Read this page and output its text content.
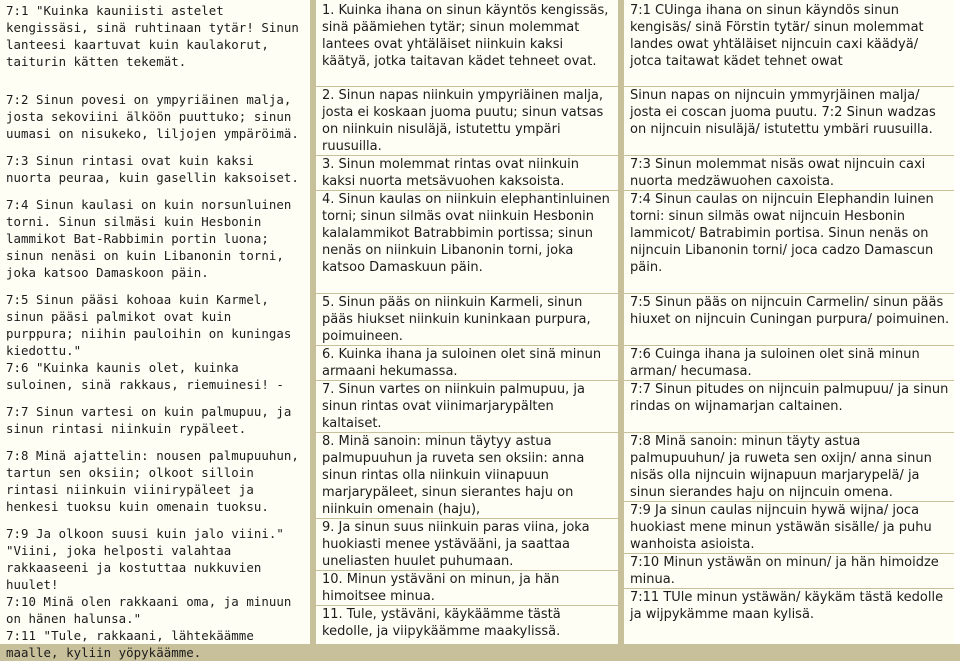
7:1 "Kuinka kauniisti astelet kengissäsi, sinä ruhtinaan tytär! Sinun lanteesi kaartuvat kuin kaulakorut, taiturin kätten tekemät.

7:2 Sinun povesi on ympyriäinen malja, josta sekoviini älköön puuttuko; sinun uumasi on nisukeko, liljojen ympäröimä.

7:3 Sinun rintasi ovat kuin kaksi nuorta peuraa, kuin gasellin kaksoiset.

7:4 Sinun kaulasi on kuin norsunluinen torni. Sinun silmäsi kuin Hesbonin lammikot Bat-Rabbimin portin luona; sinun nenäsi on kuin Libanonin torni, joka katsoo Damaskoon päin.

7:5 Sinun pääsi kohoaa kuin Karmel, sinun pääsi palmikot ovat kuin purppura; niihin pauloihin on kuningas kiedottu."

7:6 "Kuinka kaunis olet, kuinka suloinen, sinä rakkaus, riemuinesi! -

7:7 Sinun vartesi on kuin palmupuu, ja sinun rintasi niinkuin rypäleet.

7:8 Minä ajattelin: nousen palmupuuhun, tartun sen oksiin; olkoot silloin rintasi niinkuin viinirypäleet ja henkesi tuoksu kuin omenain tuoksu.

7:9 Ja olkoon suusi kuin jalo viini." "Viini, joka helposti valahtaa rakkaaseeni ja kostuttaa nukkuvien huulet!

7:10 Minä olen rakkaani oma, ja minuun on hänen halunsa."

7:11 "Tule, rakkaani, lähtekäämme maalle, kyliin yöpykäämme.

1. Kuinka ihana on sinun käyntös kengissäs, sinä päämiehen tytär; sinun molemmat lantees ovat yhtäläiset niinkuin kaksi käätyä, jotka taitavan kädet tehneet ovat.

2. Sinun napas niinkuin ympyriäinen malja, josta ei koskaan juoma puutu; sinun vatsas on niinkuin nisuläjä, istutettu ympäri ruusuilla.

3. Sinun molemmat rintas ovat niinkuin kaksi nuorta metsävuohen kaksoista.

4. Sinun kaulas on niinkuin elephantinluinen torni; sinun silmäs ovat niinkuin Hesbonin kalalammikot Batrabbimin portissa; sinun nenäs on niinkuin Libanonin torni, joka katsoo Damaskuun päin.

5. Sinun pääs on niinkuin Karmeli, sinun pääs hiukset niinkuin kuninkaan purpura, poimuineen.

6. Kuinka ihana ja suloinen olet sinä minun armaani hekumassa.

7. Sinun vartes on niinkuin palmupuu, ja sinun rintas ovat viinimarjarypälten kaltaiset.

8. Minä sanoin: minun täytyy astua palmupuuhun ja ruveta sen oksiin: anna sinun rintas olla niinkuin viinapuun marjarypäleet, sinun sierantes haju on niinkuin omenain (haju),

9. Ja sinun suus niinkuin paras viina, joka huokiasti menee ystävääni, ja saattaa uneliasten huulet puhumaan.

10. Minun ystäväni on minun, ja hän himoitsee minua.

11. Tule, ystäväni, käykäämme tästä kedolle, ja viipykäämme maakylissä.

7:1 CUinga ihana on sinun käyndös sinun kengisäs/ sinä Förstin tytär/ sinun molemmat landes owat yhtäläiset nijncuin caxi käädyä/ jotca taitawat kädet tehnet owat

Sinun napas on nijncuin ymmyrjäinen malja/ josta ei coscan juoma puutu. 7:2 Sinun wadzas on nijncuin nisuläjä/ istutettu ymbäri ruusuilla.

7:3 Sinun molemmat nisäs owat nijncuin caxi nuorta medzäwuohen caxoista.

7:4 Sinun caulas on nijncuin Elephandin luinen torni: sinun silmäs owat nijncuin Hesbonin lammicot/ Batrabimin portisa. Sinun nenäs on nijncuin Libanonin torni/ joca cadzo Damascun päin.

7:5 Sinun pääs on nijncuin Carmelin/ sinun pääs hiuxet on nijncuin Cuningan purpura/ poimuinen.

7:6 Cuinga ihana ja suloinen olet sinä minun arman/ hecumasa.

7:7 Sinun pitudes on nijncuin palmupuu/ ja sinun rindas on wijnamarjan caltainen.

7:8 Minä sanoin: minun täyty astua palmupuuhun/ ja ruweta sen oxijn/ anna sinun nisäs olla nijncuin wijnapuun marjarypelä/ ja sinun sierandes haju on nijncuin omena.

7:9 Ja sinun caulas nijncuin hywä wijna/ joca huokiast mene minun ystäwän sisälle/ ja puhu wanhoista asioista.

7:10 Minun ystäwän on minun/ ja hän himoidze minua.

7:11 TUle minun ystäwän/ käykäm tästä kedolle ja wijpykämme maan kylisä.
